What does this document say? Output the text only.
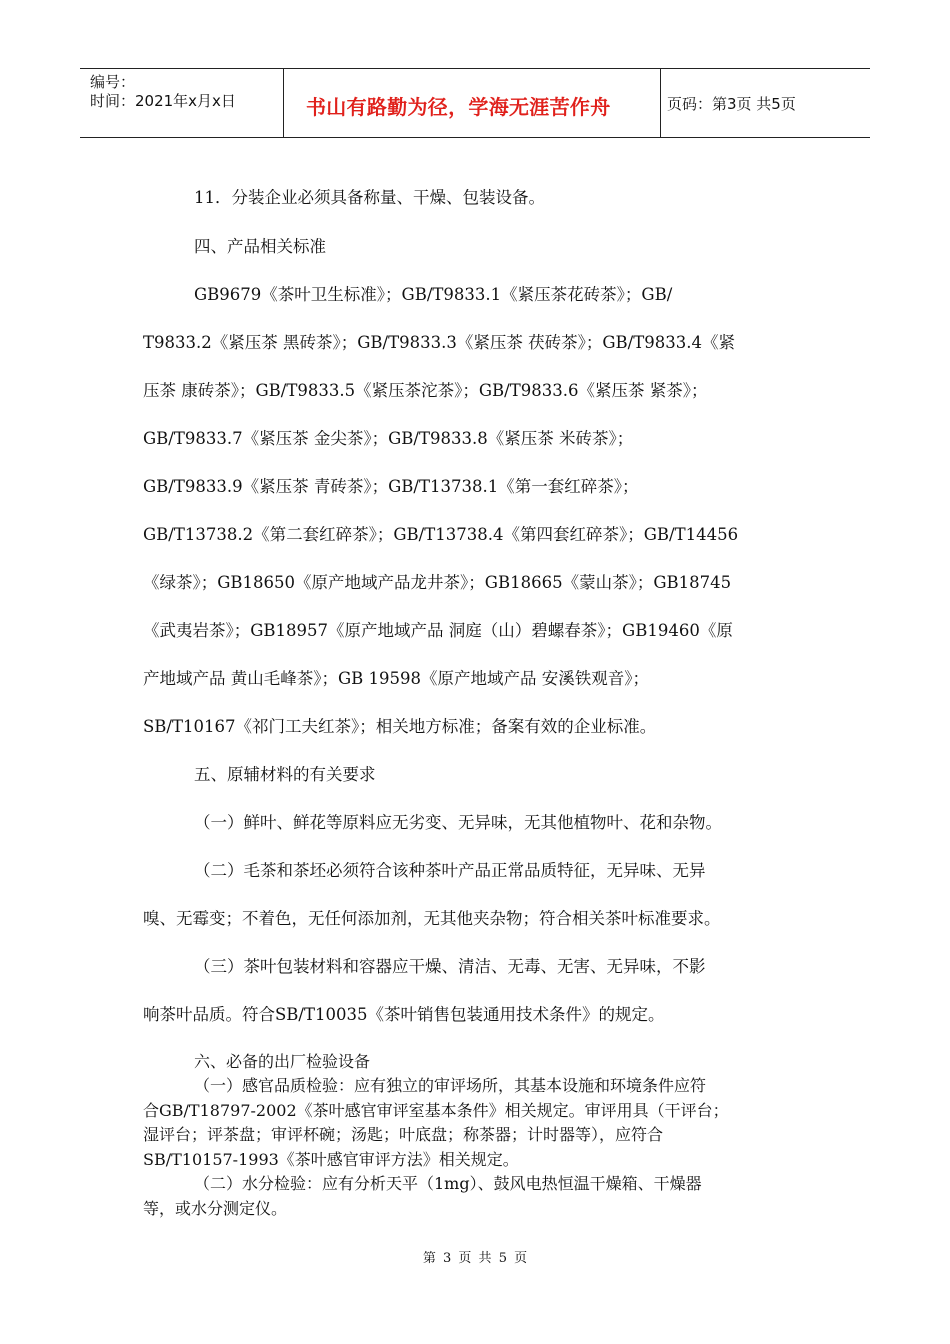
编号：
时间：2021年x月x日	书山有路勤为径，学海无涯苦作舟	页码：第3页 共5页
11．分装企业必须具备称量、干燥、包装设备。
四、产品相关标准
GB9679《茶叶卫生标准》；GB/T9833.1《紧压茶花砖茶》；GB/
T9833.2《紧压茶 黑砖茶》；GB/T9833.3《紧压茶 茯砖茶》；GB/T9833.4《紧
压茶 康砖茶》；GB/T9833.5《紧压茶沱茶》；GB/T9833.6《紧压茶 紧茶》；
GB/T9833.7《紧压茶 金尖茶》；GB/T9833.8《紧压茶 米砖茶》；
GB/T9833.9《紧压茶 青砖茶》；GB/T13738.1《第一套红碎茶》；
GB/T13738.2《第二套红碎茶》；GB/T13738.4《第四套红碎茶》；GB/T14456
《绿茶》；GB18650《原产地域产品龙井茶》；GB18665《蒙山茶》；GB18745
《武夷岩茶》；GB18957《原产地域产品 洞庭（山）碧螺春茶》；GB19460《原
产地域产品 黄山毛峰茶》；GB 19598《原产地域产品 安溪铁观音》；
SB/T10167《祁门工夫红茶》；相关地方标准；备案有效的企业标准。
五、原辅材料的有关要求
（一）鲜叶、鲜花等原料应无劣变、无异味，无其他植物叶、花和杂物。
（二）毛茶和茶坯必须符合该种茶叶产品正常品质特征，无异味、无异
嗅、无霉变；不着色，无任何添加剂，无其他夹杂物；符合相关茶叶标准要求。
（三）茶叶包装材料和容器应干燥、清洁、无毒、无害、无异味，不影
响茶叶品质。符合SB/T10035《茶叶销售包装通用技术条件》的规定。
六、必备的出厂检验设备
（一）感官品质检验：应有独立的审评场所，其基本设施和环境条件应符
合GB/T18797-2002《茶叶感官审评室基本条件》相关规定。审评用具（干评台；
湿评台；评茶盘；审评杯碗；汤匙；叶底盘；称茶器；计时器等），应符合
SB/T10157-1993《茶叶感官审评方法》相关规定。
（二）水分检验：应有分析天平（1mg）、鼓风电热恒温干燥箱、干燥器
等，或水分测定仪。
第 3 页 共 5 页
